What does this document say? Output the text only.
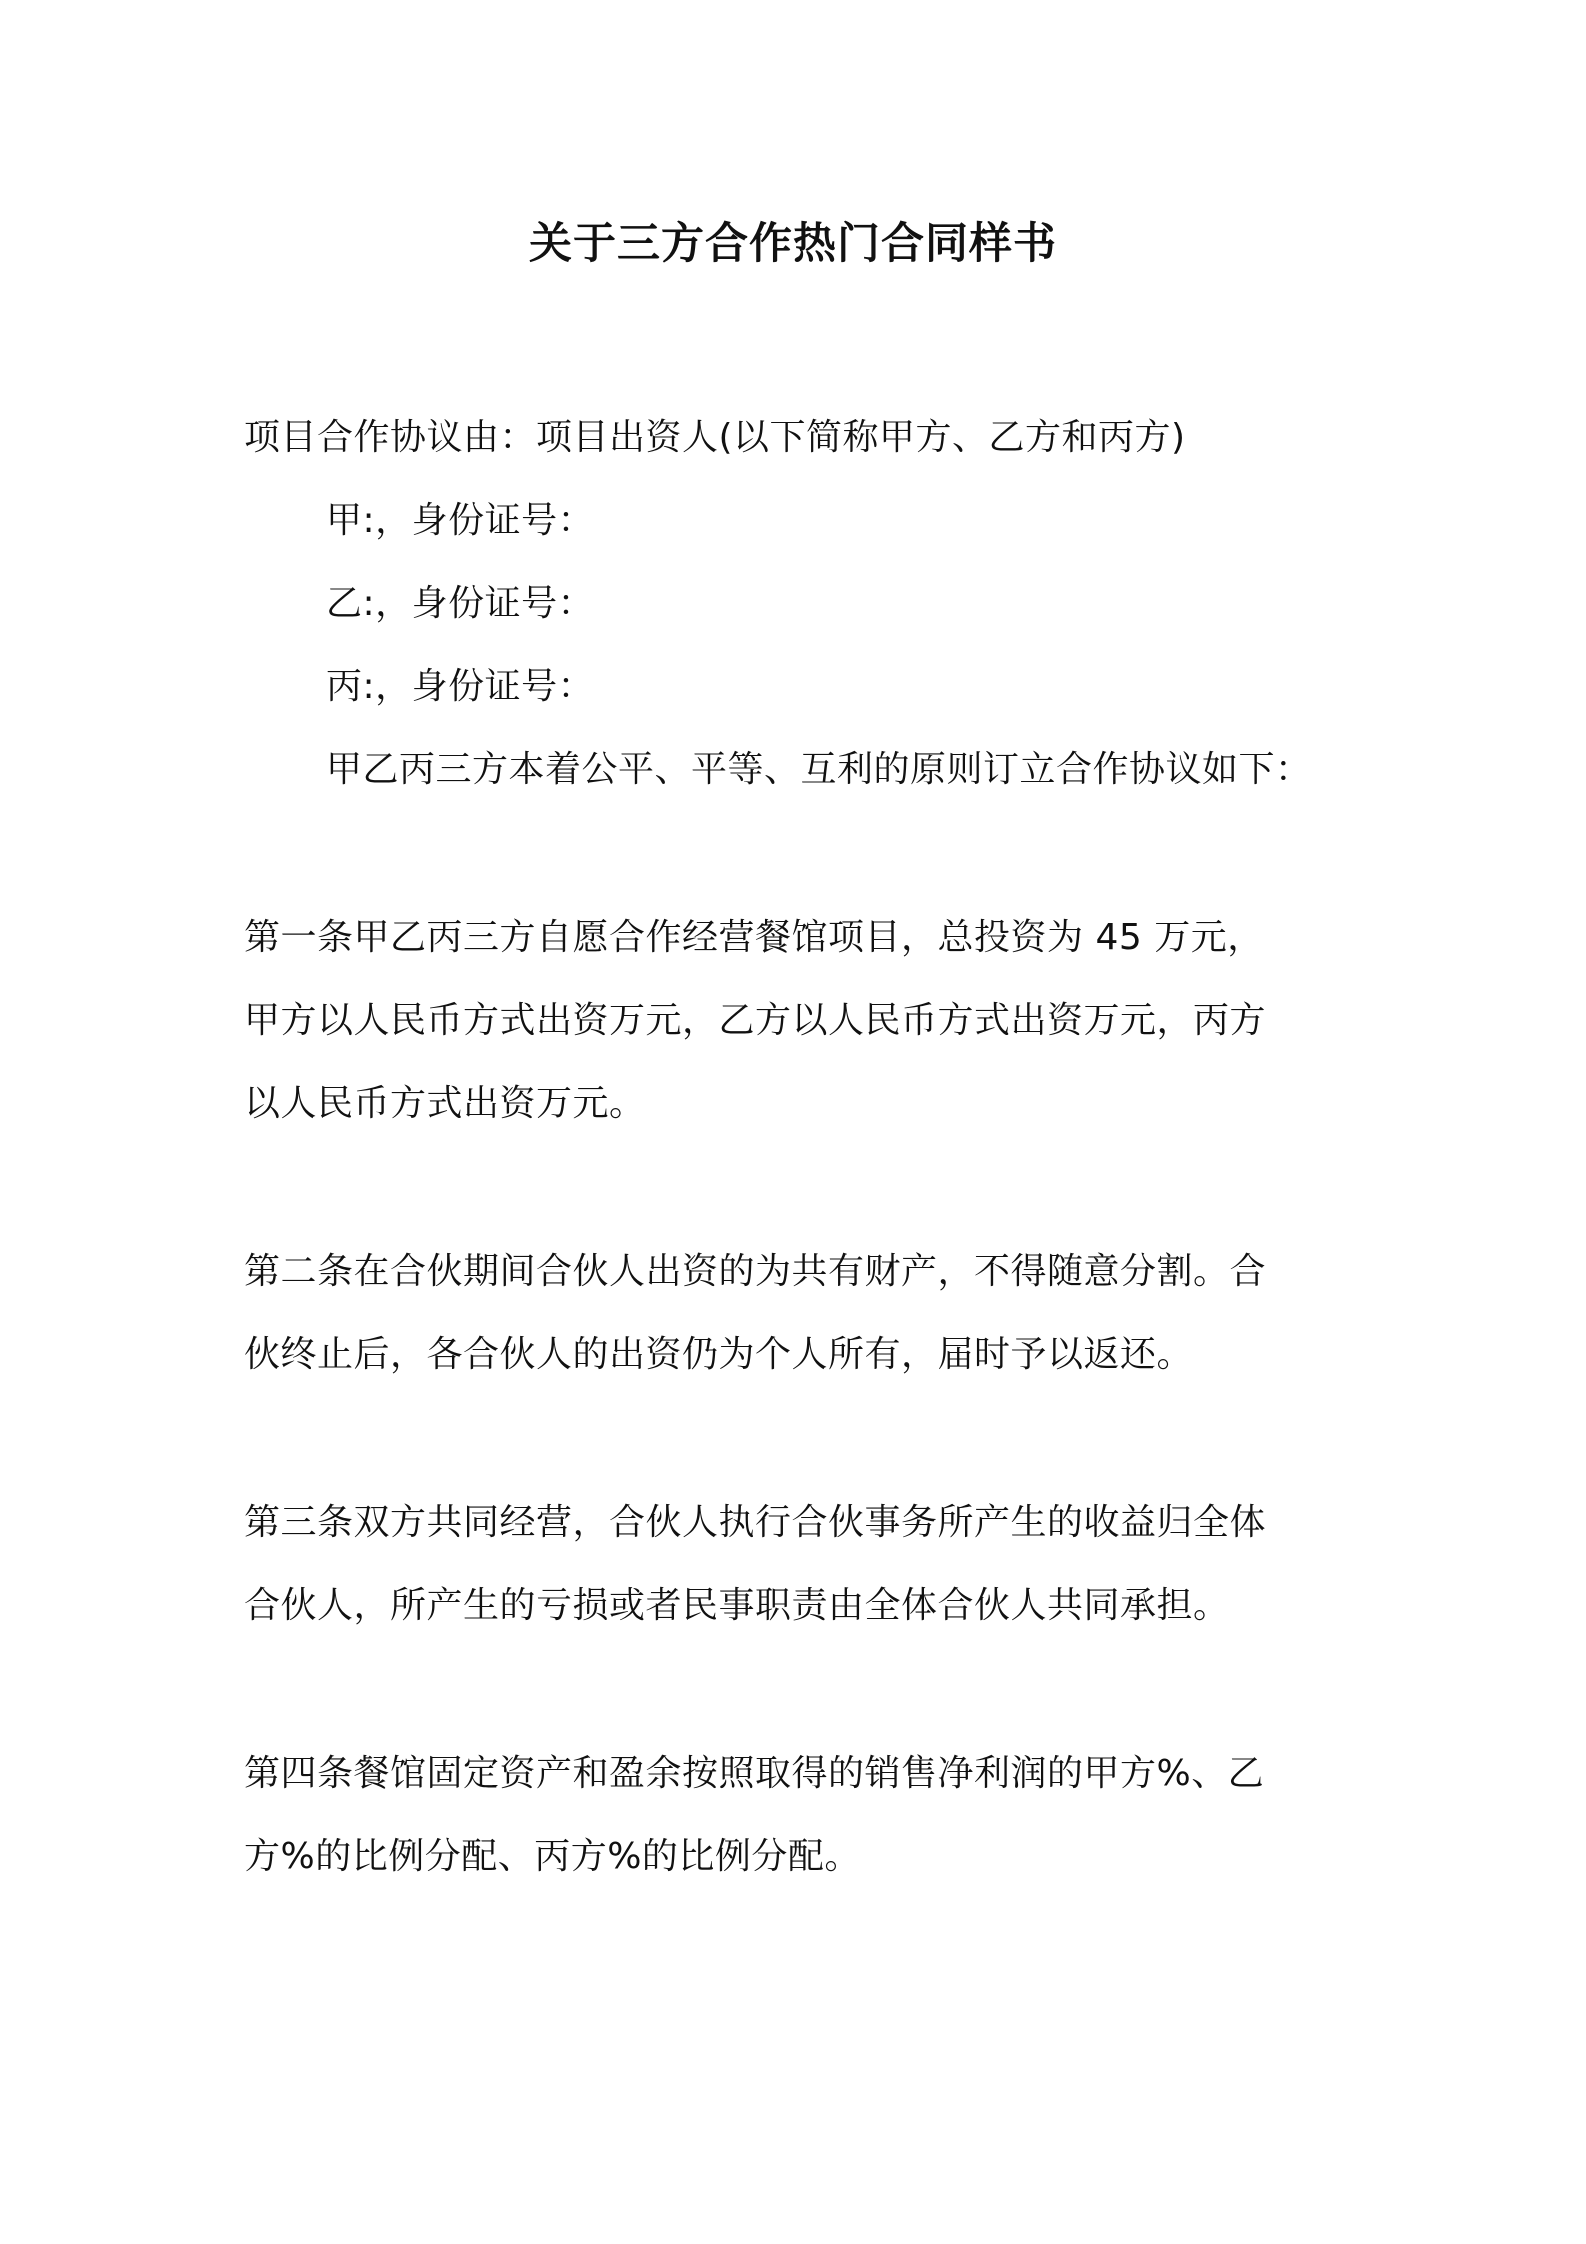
关于三方合作热门合同样书
项目合作协议由：项目出资人(以下简称甲方、乙方和丙方)
甲:，身份证号：
乙:，身份证号：
丙:，身份证号：
甲乙丙三方本着公平、平等、互利的原则订立合作协议如下：
第一条甲乙丙三方自愿合作经营餐馆项目，总投资为 45 万元，
甲方以人民币方式出资万元，乙方以人民币方式出资万元，丙方
以人民币方式出资万元。
第二条在合伙期间合伙人出资的为共有财产，不得随意分割。合
伙终止后，各合伙人的出资仍为个人所有，届时予以返还。
第三条双方共同经营，合伙人执行合伙事务所产生的收益归全体
合伙人，所产生的亏损或者民事职责由全体合伙人共同承担。
第四条餐馆固定资产和盈余按照取得的销售净利润的甲方%、乙
方%的比例分配、丙方%的比例分配。
